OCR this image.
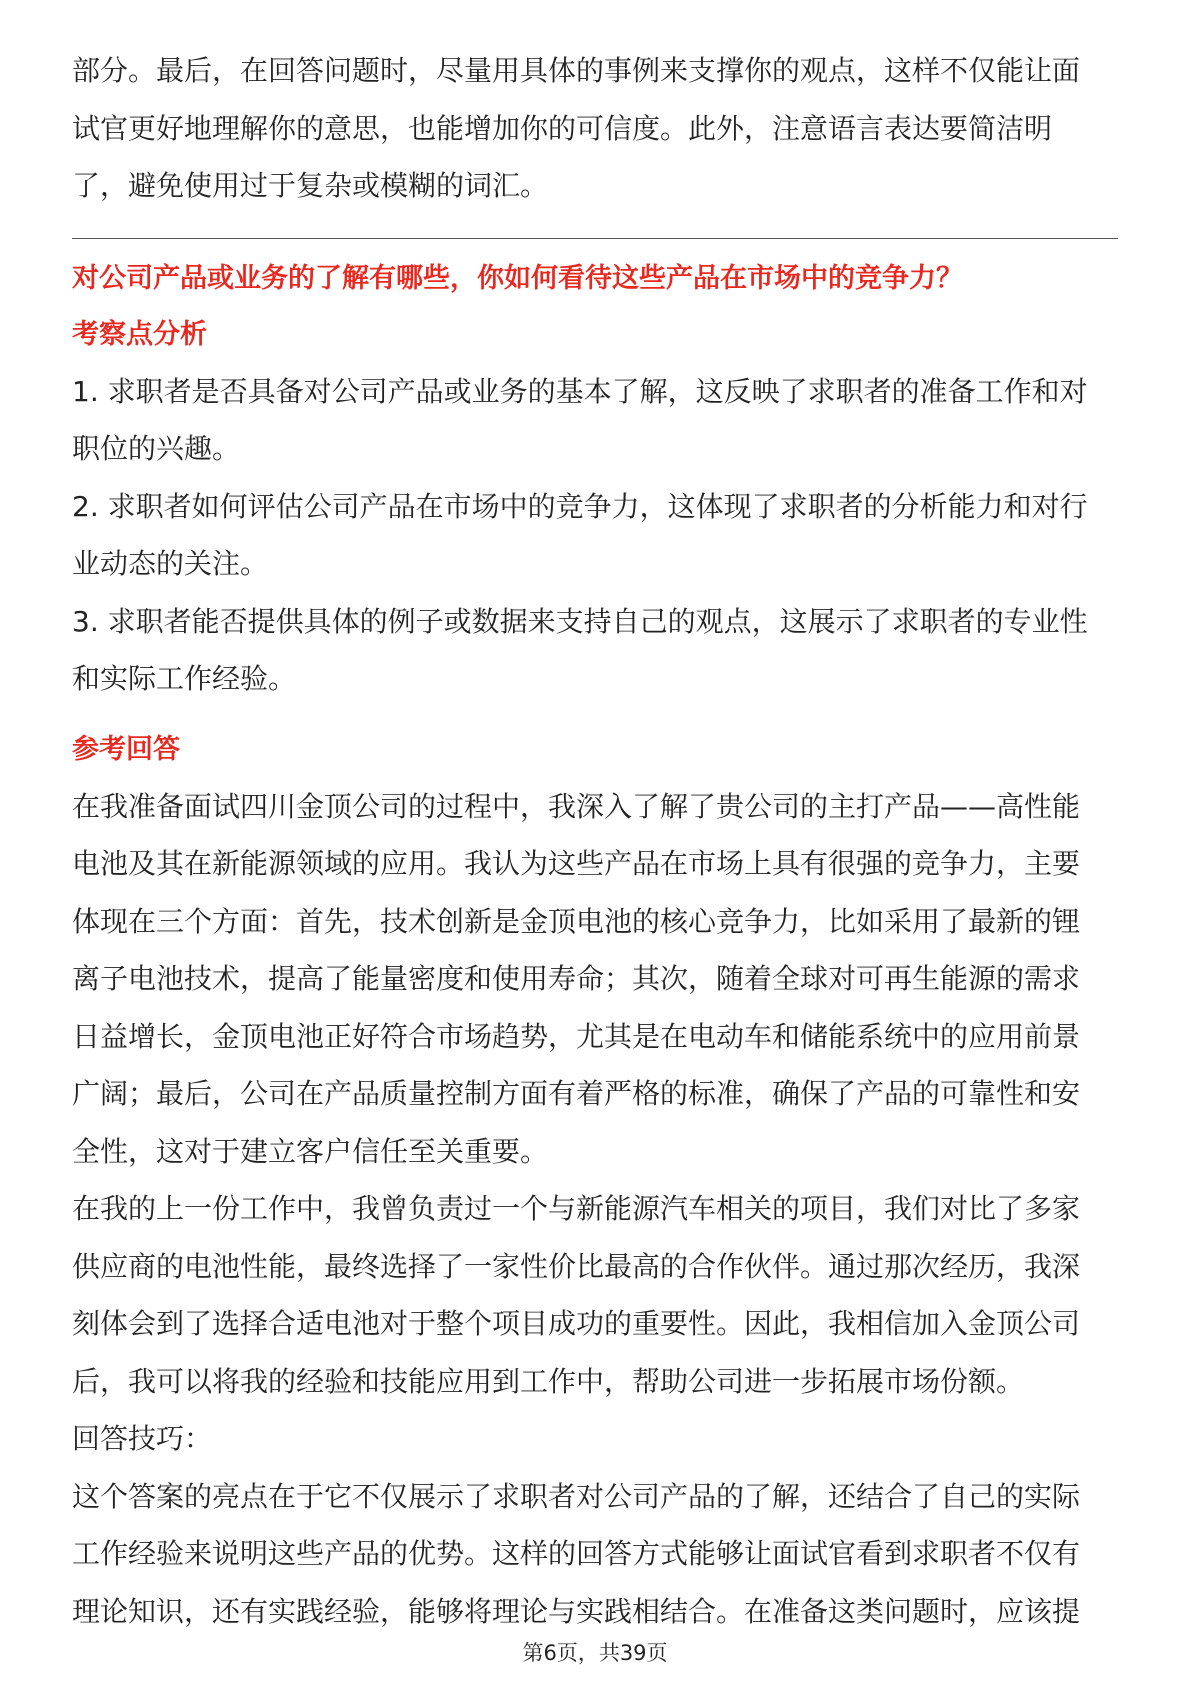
部分。最后，在回答问题时，尽量用具体的事例来支撑你的观点，这样不仅能让面
试官更好地理解你的意思，也能增加你的可信度。此外，注意语言表达要简洁明
了，避免使用过于复杂或模糊的词汇。

对公司产品或业务的了解有哪些，你如何看待这些产品在市场中的竞争力？

考察点分析

1. 求职者是否具备对公司产品或业务的基本了解，这反映了求职者的准备工作和对
职位的兴趣。

2. 求职者如何评估公司产品在市场中的竞争力，这体现了求职者的分析能力和对行
业动态的关注。

3. 求职者能否提供具体的例子或数据来支持自己的观点，这展示了求职者的专业性
和实际工作经验。

参考回答

在我准备面试四川金顶公司的过程中，我深入了解了贵公司的主打产品——高性能
电池及其在新能源领域的应用。我认为这些产品在市场上具有很强的竞争力，主要
体现在三个方面：首先，技术创新是金顶电池的核心竞争力，比如采用了最新的锂
离子电池技术，提高了能量密度和使用寿命；其次，随着全球对可再生能源的需求
日益增长，金顶电池正好符合市场趋势，尤其是在电动车和储能系统中的应用前景
广阔；最后，公司在产品质量控制方面有着严格的标准，确保了产品的可靠性和安
全性，这对于建立客户信任至关重要。

在我的上一份工作中，我曾负责过一个与新能源汽车相关的项目，我们对比了多家
供应商的电池性能，最终选择了一家性价比最高的合作伙伴。通过那次经历，我深
刻体会到了选择合适电池对于整个项目成功的重要性。因此，我相信加入金顶公司
后，我可以将我的经验和技能应用到工作中，帮助公司进一步拓展市场份额。

回答技巧：

这个答案的亮点在于它不仅展示了求职者对公司产品的了解，还结合了自己的实际
工作经验来说明这些产品的优势。这样的回答方式能够让面试官看到求职者不仅有
理论知识，还有实践经验，能够将理论与实践相结合。在准备这类问题时，应该提

第6页，共39页
